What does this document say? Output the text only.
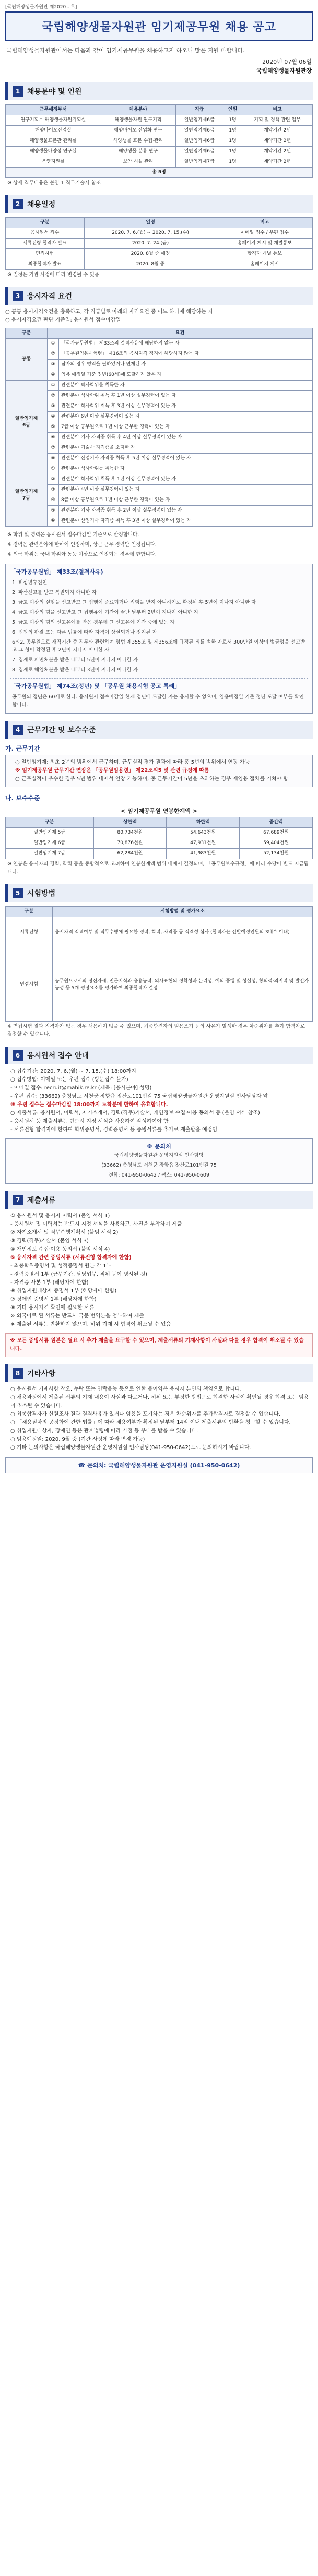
[국립해양생물자원관 제2020 - 호]
국립해양생물자원관 임기제공무원 채용 공고

국립해양생물자원관에서는 다음과 같이 임기제공무원을 채용하고자 하오니 많은 지원 바랍니다.

2020년 07월 06일
국립해양생물자원관장
1 채용분야 및 인원
근무예정부서	채용분야	직급	인원	비고
연구기획부 해양생물자원기획실	해양생물자원 연구기획	일반임기제6급	1명	기획 및 정책 관련 업무
해양바이오산업실	해양바이오 산업화 연구	일반임기제6급	1명	계약기간 2년
해양생물표본관 관리실	해양생물 표본 수집·관리	일반임기제6급	1명	계약기간 2년
해양생물다양성 연구실	해양생물 분류 연구	일반임기제6급	1명	계약기간 2년
운영지원실	보안·시설 관리	일반임기제7급	1명	계약기간 2년
총 5명				
※ 상세 직무내용은 붙임 1 직무기술서 참조
2 채용일정
구분	일정	비고
응시원서 접수	2020. 7. 6.(월) ~ 2020. 7. 15.(수)	이메일 접수 / 우편 접수
서류전형 합격자 발표	2020. 7. 24.(금)	홈페이지 게시 및 개별통보
면접시험	2020. 8월 중 예정	합격자 개별 통보
최종합격자 발표	2020. 8월 중	홈페이지 게시
※ 일정은 기관 사정에 따라 변경될 수 있음
3 응시자격 요건
○ 공통 응시자격요건을 충족하고, 각 직급별로 아래의 자격요건 중 어느 하나에 해당하는 자
○ 응시자격요건 판단 기준일: 응시원서 접수마감일
구분	요건	
공통	①	「국가공무원법」 제33조의 결격사유에 해당하지 않는 자
	②	「공무원임용시험령」 제16조의 응시자격 정지에 해당하지 않는 자
	③	남자의 경우 병역을 필하였거나 면제된 자
	④	임용 예정일 기준 정년(60세)에 도달하지 않은 자
일반임기제
6급	①	관련분야 박사학위를 취득한 자
	②	관련분야 석사학위 취득 후 1년 이상 실무경력이 있는 자
	③	관련분야 학사학위 취득 후 3년 이상 실무경력이 있는 자
	④	관련분야 6년 이상 실무경력이 있는 자
	⑤	7급 이상 공무원으로 1년 이상 근무한 경력이 있는 자
	⑥	관련분야 기사 자격증 취득 후 4년 이상 실무경력이 있는 자
	⑦	관련분야 기술사 자격증을 소지한 자
	⑧	관련분야 산업기사 자격증 취득 후 5년 이상 실무경력이 있는 자
일반임기제
7급	①	관련분야 석사학위를 취득한 자
	②	관련분야 학사학위 취득 후 1년 이상 실무경력이 있는 자
	③	관련분야 4년 이상 실무경력이 있는 자
	④	8급 이상 공무원으로 1년 이상 근무한 경력이 있는 자
	⑤	관련분야 기사 자격증 취득 후 2년 이상 실무경력이 있는 자
	⑥	관련분야 산업기사 자격증 취득 후 3년 이상 실무경력이 있는 자
※ 학위 및 경력은 응시원서 접수마감일 기준으로 산정합니다.
※ 경력은 관련분야에 한하여 인정하며, 상근 근무 경력만 인정됩니다.
※ 외국 학위는 국내 학위와 동등 이상으로 인정되는 경우에 한합니다.
「국가공무원법」 제33조(결격사유)
1. 피성년후견인
2. 파산선고를 받고 복권되지 아니한 자
3. 금고 이상의 실형을 선고받고 그 집행이 종료되거나 집행을 받지 아니하기로 확정된 후 5년이 지나지 아니한 자
4. 금고 이상의 형을 선고받고 그 집행유예 기간이 끝난 날부터 2년이 지나지 아니한 자
5. 금고 이상의 형의 선고유예를 받은 경우에 그 선고유예 기간 중에 있는 자
6. 법원의 판결 또는 다른 법률에 따라 자격이 상실되거나 정지된 자
6의2. 공무원으로 재직기간 중 직무와 관련하여 형법 제355조 및 제356조에 규정된 죄를 범한 자로서 300만원 이상의 벌금형을 선고받고 그 형이 확정된 후 2년이 지나지 아니한 자
7. 징계로 파면처분을 받은 때부터 5년이 지나지 아니한 자
8. 징계로 해임처분을 받은 때부터 3년이 지나지 아니한 자
「국가공무원법」 제74조(정년) 및 「공무원 채용시험 공고 특례」
공무원의 정년은 60세로 한다. 응시원서 접수마감일 현재 정년에 도달한 자는 응시할 수 없으며, 임용예정일 기준 정년 도달 여부를 확인합니다.
4 근무기간 및 보수수준
가. 근무기간
○ 일반임기제: 최초 2년의 범위에서 근무하며, 근무실적 평가 결과에 따라 총 5년의 범위에서 연장 가능
※ 임기제공무원 근무기간 연장은 「공무원임용령」 제22조의5 및 관련 규정에 따름
○ 근무실적이 우수한 경우 5년 범위 내에서 연장 가능하며, 총 근무기간이 5년을 초과하는 경우 재임용 절차를 거쳐야 함
나. 보수수준
< 임기제공무원 연봉한계액 >
구분	상한액	하한액	중간액
일반임기제 5급	80,734천원	54,643천원	67,689천원
일반임기제 6급	70,876천원	47,931천원	59,404천원
일반임기제 7급	62,284천원	41,983천원	52,134천원
※ 연봉은 응시자의 경력, 학력 등을 종합적으로 고려하여 연봉한계액 범위 내에서 결정되며, 「공무원보수규정」에 따라 수당이 별도 지급됩니다.
5 시험방법
구분	시험방법 및 평가요소
서류전형	응시자격 적격여부 및 직무수행에 필요한 경력, 학력, 자격증 등 적격성 심사 (합격자는 선발예정인원의 3배수 이내)
면접시험	공무원으로서의 정신자세, 전문지식과 응용능력, 의사표현의 정확성과 논리성, 예의·품행 및 성실성, 창의력·의지력 및 발전가능성 등 5개 평정요소를 평가하여 최종합격자 결정
※ 면접시험 결과 적격자가 없는 경우 채용하지 않을 수 있으며, 최종합격자의 임용포기 등의 사유가 발생한 경우 차순위자를 추가 합격자로 결정할 수 있습니다.
6 응시원서 접수 안내
○ 접수기간: 2020. 7. 6.(월) ~ 7. 15.(수) 18:00까지
○ 접수방법: 이메일 또는 우편 접수 (방문접수 불가)
- 이메일 접수: recruit@mabik.re.kr (제목: [응시분야] 성명)
- 우편 접수: (33662) 충청남도 서천군 장항읍 장산로101번길 75 국립해양생물자원관 운영지원실 인사담당자 앞
※ 우편 접수는 접수마감일 18:00까지 도착분에 한하여 유효합니다.
○ 제출서류: 응시원서, 이력서, 자기소개서, 경력(직무)기술서, 개인정보 수집·이용 동의서 등 (붙임 서식 참조)
- 응시원서 등 제출서류는 반드시 지정 서식을 사용하여 작성하여야 함
- 서류전형 합격자에 한하여 학위증명서, 경력증명서 등 증빙서류를 추가로 제출받을 예정임
※ 문의처
국립해양생물자원관 운영지원실 인사담당
(33662) 충청남도 서천군 장항읍 장산로101번길 75
전화: 041-950-0642 / 팩스: 041-950-0609
7 제출서류
① 응시원서 및 응시자 이력서 (붙임 서식 1)
- 응시원서 및 이력서는 반드시 지정 서식을 사용하고, 사진을 부착하여 제출
② 자기소개서 및 직무수행계획서 (붙임 서식 2)
③ 경력(직무)기술서 (붙임 서식 3)
④ 개인정보 수집·이용 동의서 (붙임 서식 4)
⑤ 응시자격 관련 증빙서류 (서류전형 합격자에 한함)
- 최종학위증명서 및 성적증명서 원본 각 1부
- 경력증명서 1부 (근무기간, 담당업무, 직위 등이 명시된 것)
- 자격증 사본 1부 (해당자에 한함)
⑥ 취업지원대상자 증명서 1부 (해당자에 한함)
⑦ 장애인 증명서 1부 (해당자에 한함)
⑧ 기타 응시자격 확인에 필요한 서류
※ 외국어로 된 서류는 반드시 국문 번역본을 첨부하여 제출
※ 제출된 서류는 반환하지 않으며, 허위 기재 시 합격이 취소될 수 있음
※ 모든 증빙서류 원본은 필요 시 추가 제출을 요구할 수 있으며, 제출서류의 기재사항이 사실과 다를 경우 합격이 취소될 수 있습니다.
8 기타사항
○ 응시원서 기재사항 착오, 누락 또는 연락불능 등으로 인한 불이익은 응시자 본인의 책임으로 합니다.
○ 채용과정에서 제출된 서류의 기재 내용이 사실과 다르거나, 허위 또는 부정한 방법으로 합격한 사실이 확인될 경우 합격 또는 임용이 취소될 수 있습니다.
○ 최종합격자가 신원조사 결과 결격사유가 있거나 임용을 포기하는 경우 차순위자를 추가합격자로 결정할 수 있습니다.
○ 「채용절차의 공정화에 관한 법률」에 따라 채용여부가 확정된 날부터 14일 이내 제출서류의 반환을 청구할 수 있습니다.
○ 취업지원대상자, 장애인 등은 관계법령에 따라 가점 등 우대를 받을 수 있습니다.
○ 임용예정일: 2020. 9월 중 (기관 사정에 따라 변경 가능)
○ 기타 문의사항은 국립해양생물자원관 운영지원실 인사담당(041-950-0642)으로 문의하시기 바랍니다.
☎ 문의처: 국립해양생물자원관 운영지원실 (041-950-0642)
